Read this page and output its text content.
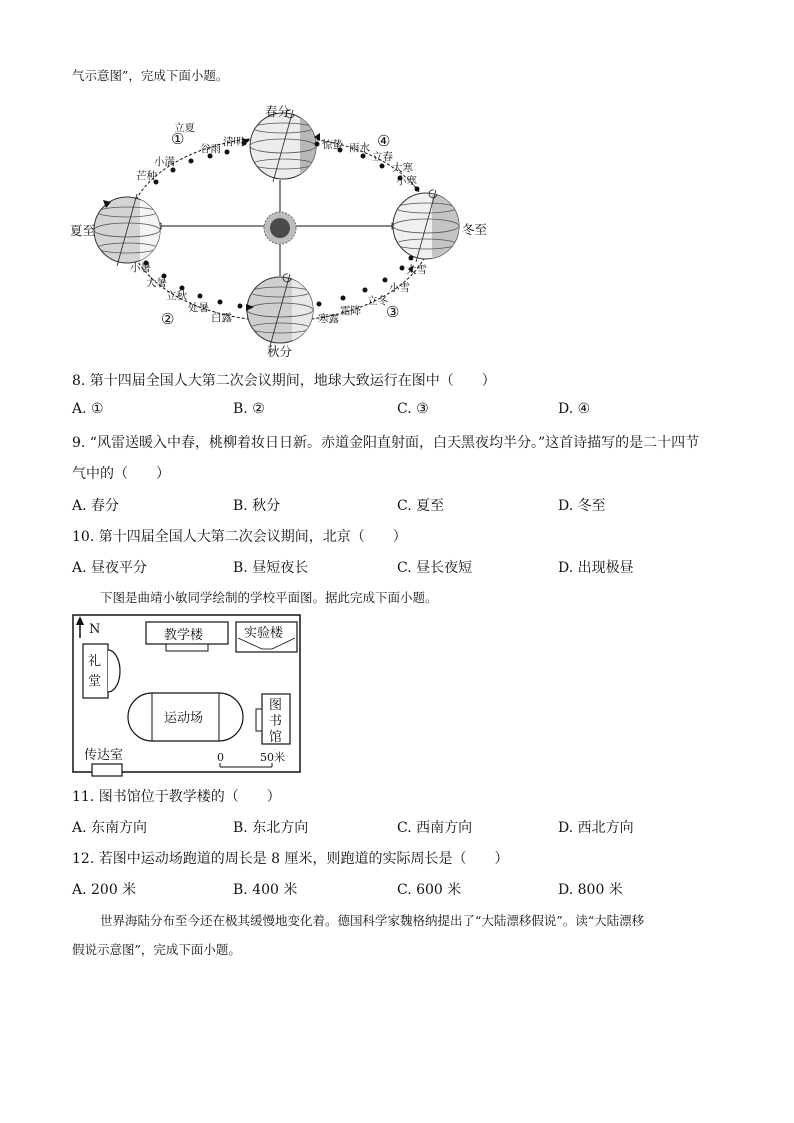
气示意图”，完成下面小题。
春分
夏至
秋分
冬至
立夏
谷雨
清明
小满
芒种
惊蛰 雨水
立春
大寒
小寒
小暑
大暑
立秋
处暑
白露	寒露
霜降
立冬
小雪
大雪
①
②	③
④
8. 第十四届全国人大第二次会议期间，地球大致运行在图中（　　）
A. ①	B. ②	C. ③	D. ④
9. “风雷送暖入中春，桃柳着妆日日新。赤道金阳直射面，白天黑夜均半分。”这首诗描写的是二十四节
气中的（　　）
A. 春分	B. 秋分	C. 夏至	D. 冬至
10. 第十四届全国人大第二次会议期间，北京（　　）
A. 昼夜平分	B. 昼短夜长	C. 昼长夜短	D. 出现极昼
下图是曲靖小敏同学绘制的学校平面图。据此完成下面小题。
N	教学楼	实验楼
礼
堂
运动场
图
书
馆
传达室	0	50米
11. 图书馆位于教学楼的（　　）
A. 东南方向	B. 东北方向	C. 西南方向	D. 西北方向
12. 若图中运动场跑道的周长是 8 厘米，则跑道的实际周长是（　　）
A. 200 米	B. 400 米	C. 600 米	D. 800 米
世界海陆分布至今还在极其缓慢地变化着。德国科学家魏格纳提出了“大陆漂移假说”。读“大陆漂移
假说示意图”，完成下面小题。
